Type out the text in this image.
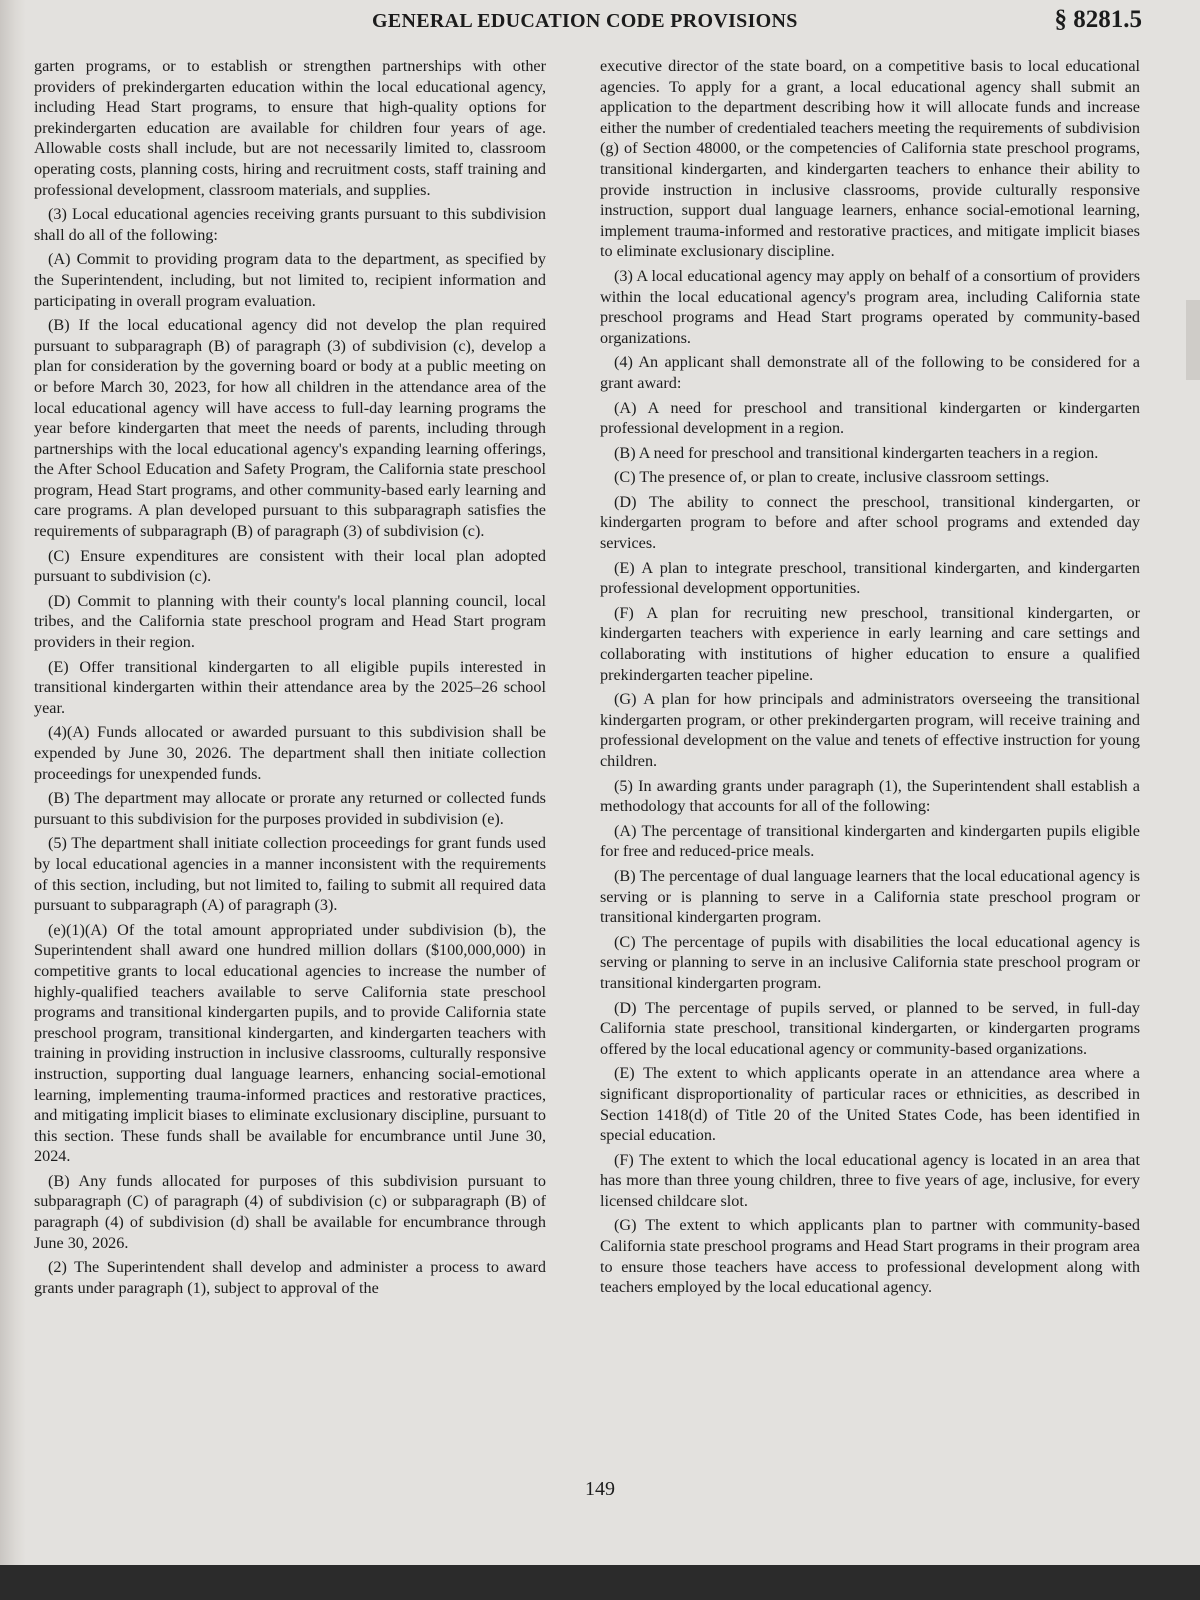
GENERAL EDUCATION CODE PROVISIONS	§ 8281.5

garten programs, or to establish or strengthen partnerships with other providers of prekindergarten education within the local educational agency, including Head Start programs, to ensure that high-quality options for prekindergarten education are available for children four years of age. Allowable costs shall include, but are not necessarily limited to, classroom operating costs, planning costs, hiring and recruitment costs, staff training and professional development, classroom materials, and supplies.

(3) Local educational agencies receiving grants pursuant to this subdivision shall do all of the following:

(A) Commit to providing program data to the department, as specified by the Superintendent, including, but not limited to, recipient information and participating in overall program evaluation.

(B) If the local educational agency did not develop the plan required pursuant to subparagraph (B) of paragraph (3) of subdivision (c), develop a plan for consideration by the governing board or body at a public meeting on or before March 30, 2023, for how all children in the attendance area of the local educational agency will have access to full-day learning programs the year before kindergarten that meet the needs of parents, including through partnerships with the local educational agency's expanding learning offerings, the After School Education and Safety Program, the California state preschool program, Head Start programs, and other community-based early learning and care programs. A plan developed pursuant to this subparagraph satisfies the requirements of subparagraph (B) of paragraph (3) of subdivision (c).

(C) Ensure expenditures are consistent with their local plan adopted pursuant to subdivision (c).

(D) Commit to planning with their county's local planning council, local tribes, and the California state preschool program and Head Start program providers in their region.

(E) Offer transitional kindergarten to all eligible pupils interested in transitional kindergarten within their attendance area by the 2025–26 school year.

(4)(A) Funds allocated or awarded pursuant to this subdivision shall be expended by June 30, 2026. The department shall then initiate collection proceedings for unexpended funds.

(B) The department may allocate or prorate any returned or collected funds pursuant to this subdivision for the purposes provided in subdivision (e).

(5) The department shall initiate collection proceedings for grant funds used by local educational agencies in a manner inconsistent with the requirements of this section, including, but not limited to, failing to submit all required data pursuant to subparagraph (A) of paragraph (3).

(e)(1)(A) Of the total amount appropriated under subdivision (b), the Superintendent shall award one hundred million dollars ($100,000,000) in competitive grants to local educational agencies to increase the number of highly-qualified teachers available to serve California state preschool programs and transitional kindergarten pupils, and to provide California state preschool program, transitional kindergarten, and kindergarten teachers with training in providing instruction in inclusive classrooms, culturally responsive instruction, supporting dual language learners, enhancing social-emotional learning, implementing trauma-informed practices and restorative practices, and mitigating implicit biases to eliminate exclusionary discipline, pursuant to this section. These funds shall be available for encumbrance until June 30, 2024.

(B) Any funds allocated for purposes of this subdivision pursuant to subparagraph (C) of paragraph (4) of subdivision (c) or subparagraph (B) of paragraph (4) of subdivision (d) shall be available for encumbrance through June 30, 2026.

(2) The Superintendent shall develop and administer a process to award grants under paragraph (1), subject to approval of the

executive director of the state board, on a competitive basis to local educational agencies. To apply for a grant, a local educational agency shall submit an application to the department describing how it will allocate funds and increase either the number of credentialed teachers meeting the requirements of subdivision (g) of Section 48000, or the competencies of California state preschool programs, transitional kindergarten, and kindergarten teachers to enhance their ability to provide instruction in inclusive classrooms, provide culturally responsive instruction, support dual language learners, enhance social-emotional learning, implement trauma-informed and restorative practices, and mitigate implicit biases to eliminate exclusionary discipline.

(3) A local educational agency may apply on behalf of a consortium of providers within the local educational agency's program area, including California state preschool programs and Head Start programs operated by community-based organizations.

(4) An applicant shall demonstrate all of the following to be considered for a grant award:

(A) A need for preschool and transitional kindergarten or kindergarten professional development in a region.

(B) A need for preschool and transitional kindergarten teachers in a region.

(C) The presence of, or plan to create, inclusive classroom settings.

(D) The ability to connect the preschool, transitional kindergarten, or kindergarten program to before and after school programs and extended day services.

(E) A plan to integrate preschool, transitional kindergarten, and kindergarten professional development opportunities.

(F) A plan for recruiting new preschool, transitional kindergarten, or kindergarten teachers with experience in early learning and care settings and collaborating with institutions of higher education to ensure a qualified prekindergarten teacher pipeline.

(G) A plan for how principals and administrators overseeing the transitional kindergarten program, or other prekindergarten program, will receive training and professional development on the value and tenets of effective instruction for young children.

(5) In awarding grants under paragraph (1), the Superintendent shall establish a methodology that accounts for all of the following:

(A) The percentage of transitional kindergarten and kindergarten pupils eligible for free and reduced-price meals.

(B) The percentage of dual language learners that the local educational agency is serving or is planning to serve in a California state preschool program or transitional kindergarten program.

(C) The percentage of pupils with disabilities the local educational agency is serving or planning to serve in an inclusive California state preschool program or transitional kindergarten program.

(D) The percentage of pupils served, or planned to be served, in full-day California state preschool, transitional kindergarten, or kindergarten programs offered by the local educational agency or community-based organizations.

(E) The extent to which applicants operate in an attendance area where a significant disproportionality of particular races or ethnicities, as described in Section 1418(d) of Title 20 of the United States Code, has been identified in special education.

(F) The extent to which the local educational agency is located in an area that has more than three young children, three to five years of age, inclusive, for every licensed childcare slot.

(G) The extent to which applicants plan to partner with community-based California state preschool programs and Head Start programs in their program area to ensure those teachers have access to professional development along with teachers employed by the local educational agency.

149
